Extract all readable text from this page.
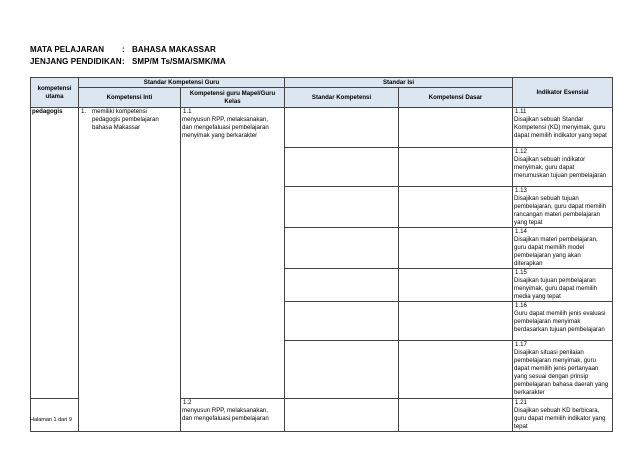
MATA PELAJARAN : BAHASA MAKASSAR
JENJANG PENDIDIKAN: SMP/M Ts/SMA/SMK/MA
kompetensi utama	Standar Kompetensi Guru		Standar Isi		Indikator Esensial
	Kompetensi Inti	Kompetensi guru Mapel/Guru Kelas	Standar Kompetensi	Kompetensi Dasar	
pedagogis	1. memiliki kompetensi pedagogis pembelajaran bahasa Makassar	1.1menyusun RPP, melaksanakan, dan mengefaluasi pembelajaran menyimak yang berkarakter			1.11Disajikan sebuah Standar Kompetensi (KD) menyimak, guru dapat memilih indikator yang tepat
					1.12Disajikan sebuah indikator menyimak, guru dapat merumuskan tujuan pembelajaran
					1.13Disajikan sebuah tujuan pembelajaran, guru dapat memilih rancangan materi pembelajaran yang tepat
					1.14Disajikan materi pembelajaran, guru dapat memilih model pembelajaran yang akan diterapkan
					1.15Disajikan tujuan pembelajaran menyimak, guru dapat memilih media yang tepat
					1.16Guru dapat memilih jenis evaluasi pembelajaran menyimak berdasarkan tujuan pembelajaran
					1.17Disajikan situasi penilaian pembelajaran menyimak, guru dapat memilih jenis pertanyaan yang sesuai dengan prinsip pembelajaran bahasa daerah yang berkarakter
		1.2menyusun RPP, melaksanakan, dan mengefaluasi pembelajaran			1.21Disajikan sebuah KD berbicara, guru dapat memilih indikator yang tepat
Halaman 1 dari 9
